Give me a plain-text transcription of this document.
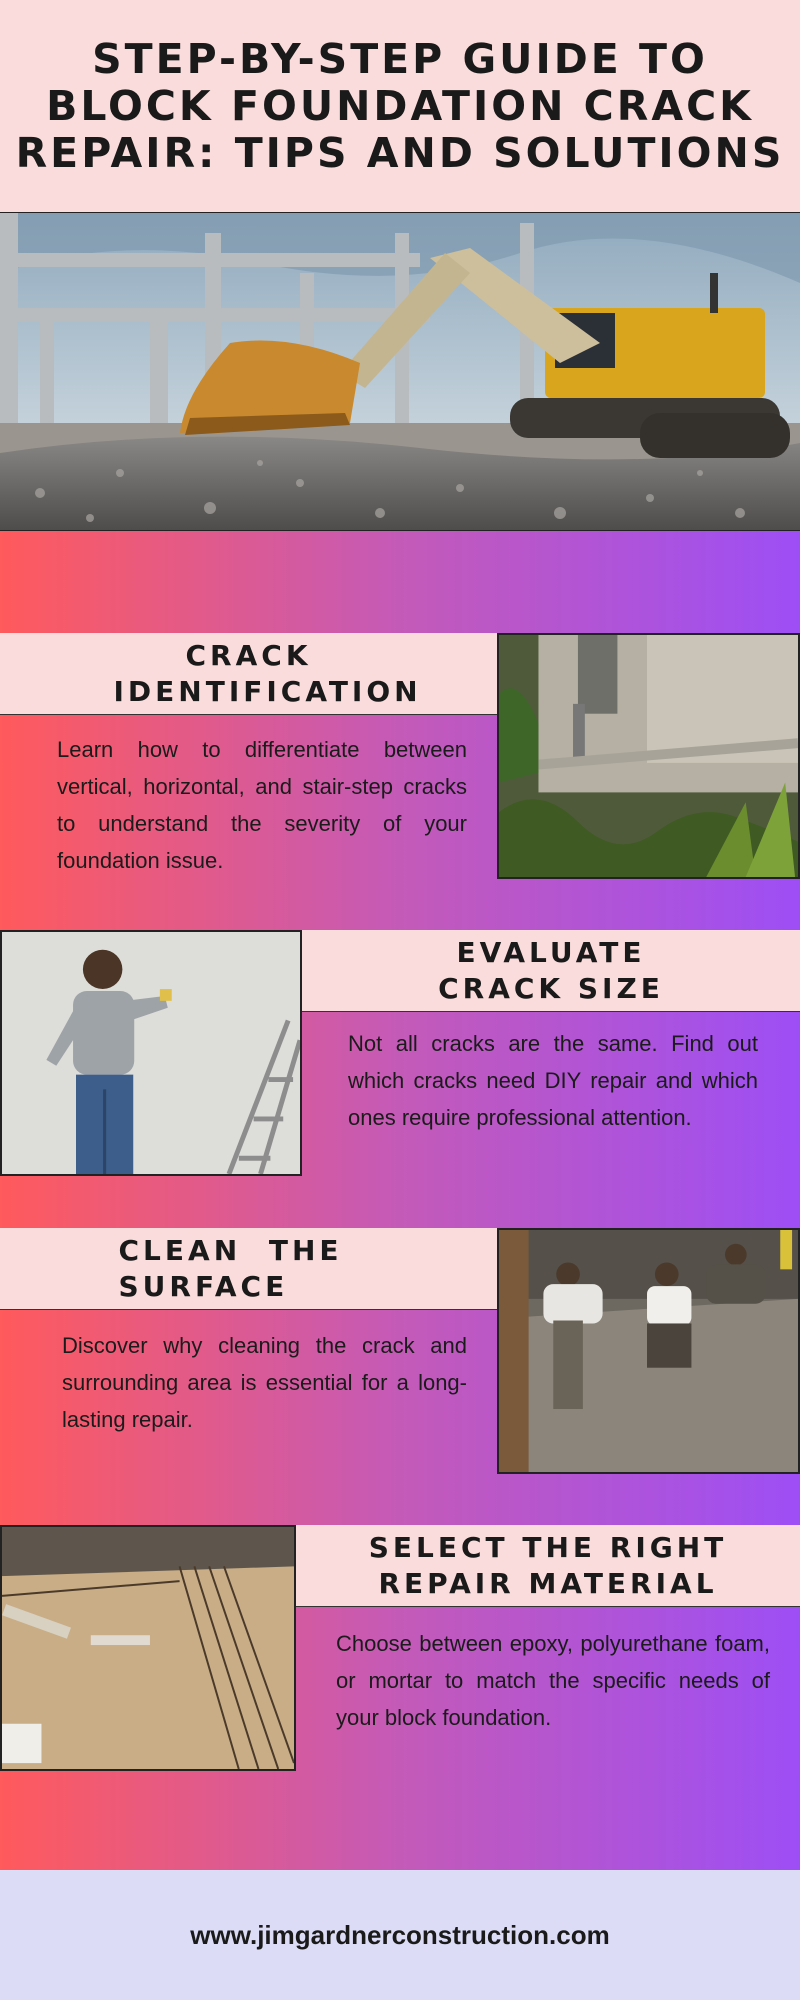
STEP-BY-STEP GUIDE TO BLOCK FOUNDATION CRACK REPAIR: TIPS AND SOLUTIONS
CRACK IDENTIFICATION
Learn how to differentiate between vertical, horizontal, and stair-step cracks to understand the severity of your foundation issue.
EVALUATE CRACK SIZE
Not all cracks are the same. Find out which cracks need DIY repair and which ones require professional attention.
CLEAN THE SURFACE
Discover why cleaning the crack and surrounding area is essential for a long-lasting repair.
SELECT THE RIGHT REPAIR MATERIAL
Choose between epoxy, polyurethane foam, or mortar to match the specific needs of your block foundation.
www.jimgardnerconstruction.com
